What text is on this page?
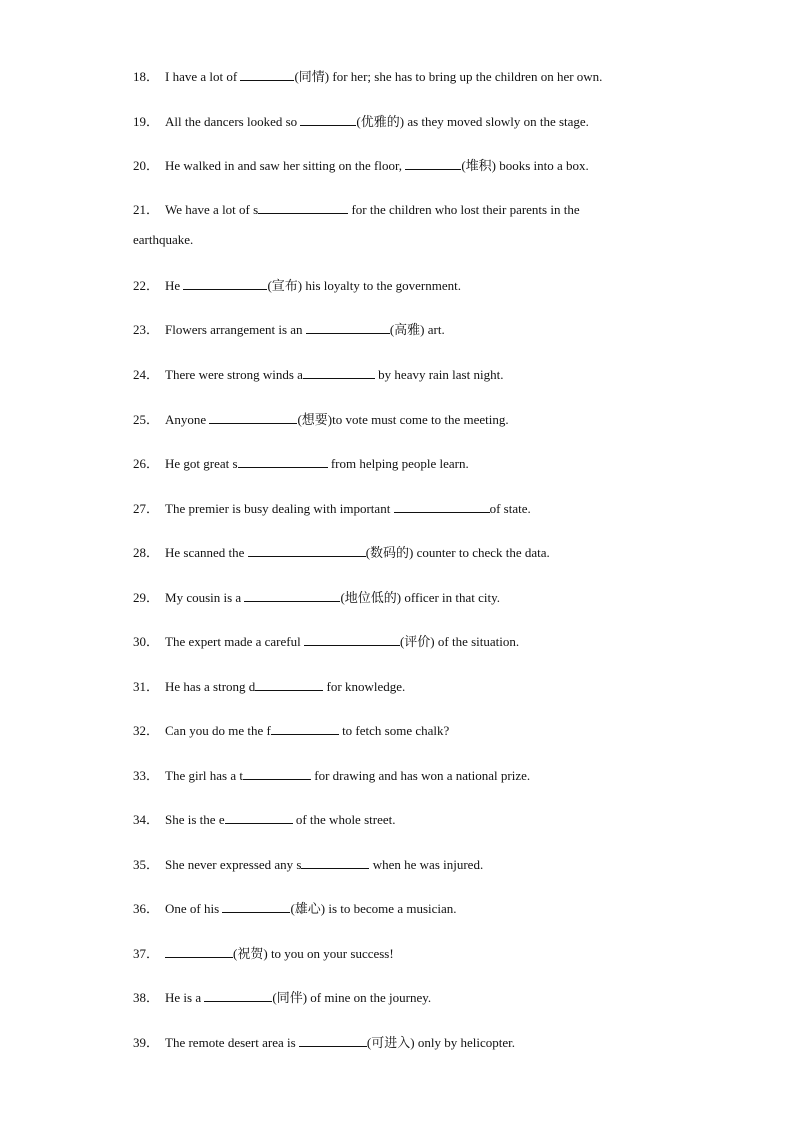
18． I have a lot of	(同情) for her; she has to bring up the children on her own.
19． All the dancers looked so	(优雅的) as they moved slowly on the stage.
20． He walked in and saw her sitting on the floor,	(堆积) books into a box.
21． We have a lot of s	for the children who lost their parents in the
earthquake.
22． He	(宣布) his loyalty to the government.
23． Flowers arrangement is an	(高雅) art.
24． There were strong winds a	by heavy rain last night.
25． Anyone	(想要)to vote must come to the meeting.
26． He got great s	from helping people learn.
27． The premier is busy dealing with important	of state.
28． He scanned the	(数码的) counter to check the data.
29． My cousin is a	(地位低的) officer in that city.
30． The expert made a careful	(评价) of the situation.
31． He has a strong d	for knowledge.
32． Can you do me the f	to fetch some chalk?
33． The girl has a t	for drawing and has won a national prize.
34． She is the e	of the whole street.
35． She never expressed any s	when he was injured.
36． One of his	(雄心) is to become a musician.
37．	(祝贺) to you on your success!
38． He is a	(同伴) of mine on the journey.
39． The remote desert area is	(可进入) only by helicopter.
